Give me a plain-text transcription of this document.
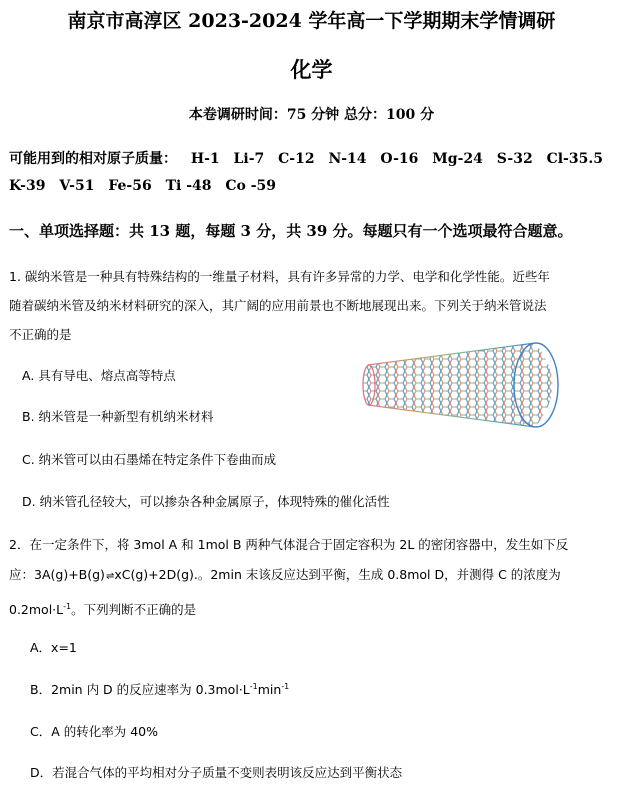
南京市高淳区 2023-2024 学年高一下学期期末学情调研
化学
本卷调研时间：75 分钟 总分：100 分
可能用到的相对原子质量： H-1 Li-7 C-12 N-14 O-16 Mg-24 S-32 Cl-35.5
K-39 V-51 Fe-56 Ti -48 Co -59
一、单项选择题：共 13 题，每题 3 分，共 39 分。每题只有一个选项最符合题意。
1. 碳纳米管是一种具有特殊结构的一维量子材料，具有许多异常的力学、电学和化学性能。近些年
随着碳纳米管及纳米材料研究的深入，其广阔的应用前景也不断地展现出来。下列关于纳米管说法
不正确的是
A. 具有导电、熔点高等特点
B. 纳米管是一种新型有机纳米材料
C. 纳米管可以由石墨烯在特定条件下卷曲而成
D. 纳米管孔径较大，可以掺杂各种金属原子，体现特殊的催化活性
2．在一定条件下，将 3mol A 和 1mol B 两种气体混合于固定容积为 2L 的密闭容器中，发生如下反
应：3A(g)+B(g)⇌xC(g)+2D(g).。2min 末该反应达到平衡，生成 0.8mol D，并测得 C 的浓度为
$0.2mol\cdot L^{-1}$。下列判断不正确的是
A．x=1
B．2min 内 D 的反应速率为 $0.3mol\cdot L^{-1}\min^{-1}$
C．A 的转化率为 40%
D．若混合气体的平均相对分子质量不变则表明该反应达到平衡状态
